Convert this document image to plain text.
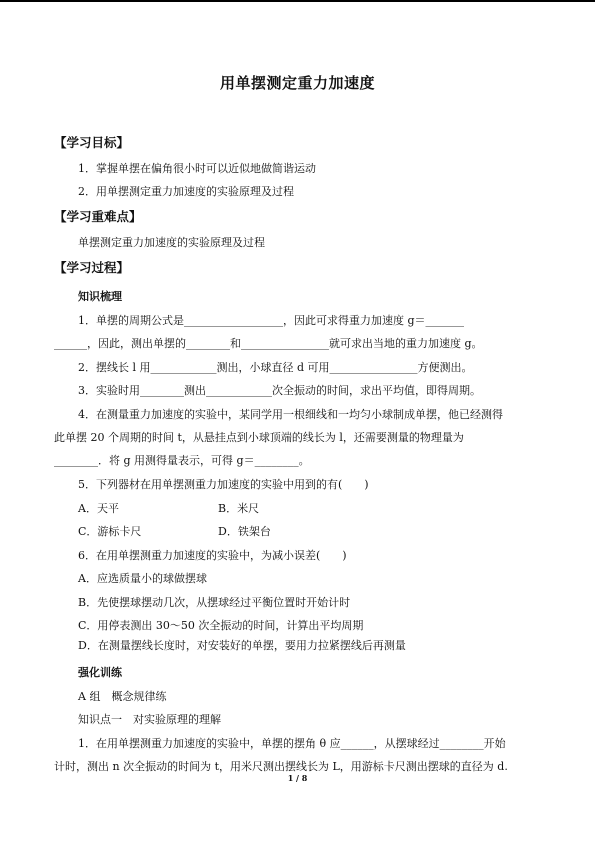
用单摆测定重力加速度
【学习目标】
1．掌握单摆在偏角很小时可以近似地做简谐运动
2．用单摆测定重力加速度的实验原理及过程
【学习重难点】
单摆测定重力加速度的实验原理及过程
【学习过程】
知识梳理
1．单摆的周期公式是__________________，因此可求得重力加速度 g＝_______
______，因此，测出单摆的________和________________就可求出当地的重力加速度 g。
2．摆线长 l 用____________测出，小球直径 d 可用________________方便测出。
3．实验时用________测出____________次全振动的时间，求出平均值，即得周期。
4．在测量重力加速度的实验中，某同学用一根细线和一均匀小球制成单摆，他已经测得
此单摆 20 个周期的时间 t，从悬挂点到小球顶端的线长为 l，还需要测量的物理量为
________．将 g 用测得量表示，可得 g＝________。
5．下列器材在用单摆测重力加速度的实验中用到的有(　　)
A．天平	B．米尺
C．游标卡尺	D．铁架台
6．在用单摆测重力加速度的实验中，为减小误差(　　)
A．应选质量小的球做摆球
B．先使摆球摆动几次，从摆球经过平衡位置时开始计时
C．用停表测出 30～50 次全振动的时间，计算出平均周期
D．在测量摆线长度时，对安装好的单摆，要用力拉紧摆线后再测量
强化训练
A 组　概念规律练
知识点一　对实验原理的理解
1．在用单摆测重力加速度的实验中，单摆的摆角 θ 应______，从摆球经过________开始
计时，测出 n 次全振动的时间为 t，用米尺测出摆线长为 L，用游标卡尺测出摆球的直径为 d.
1 / 8
